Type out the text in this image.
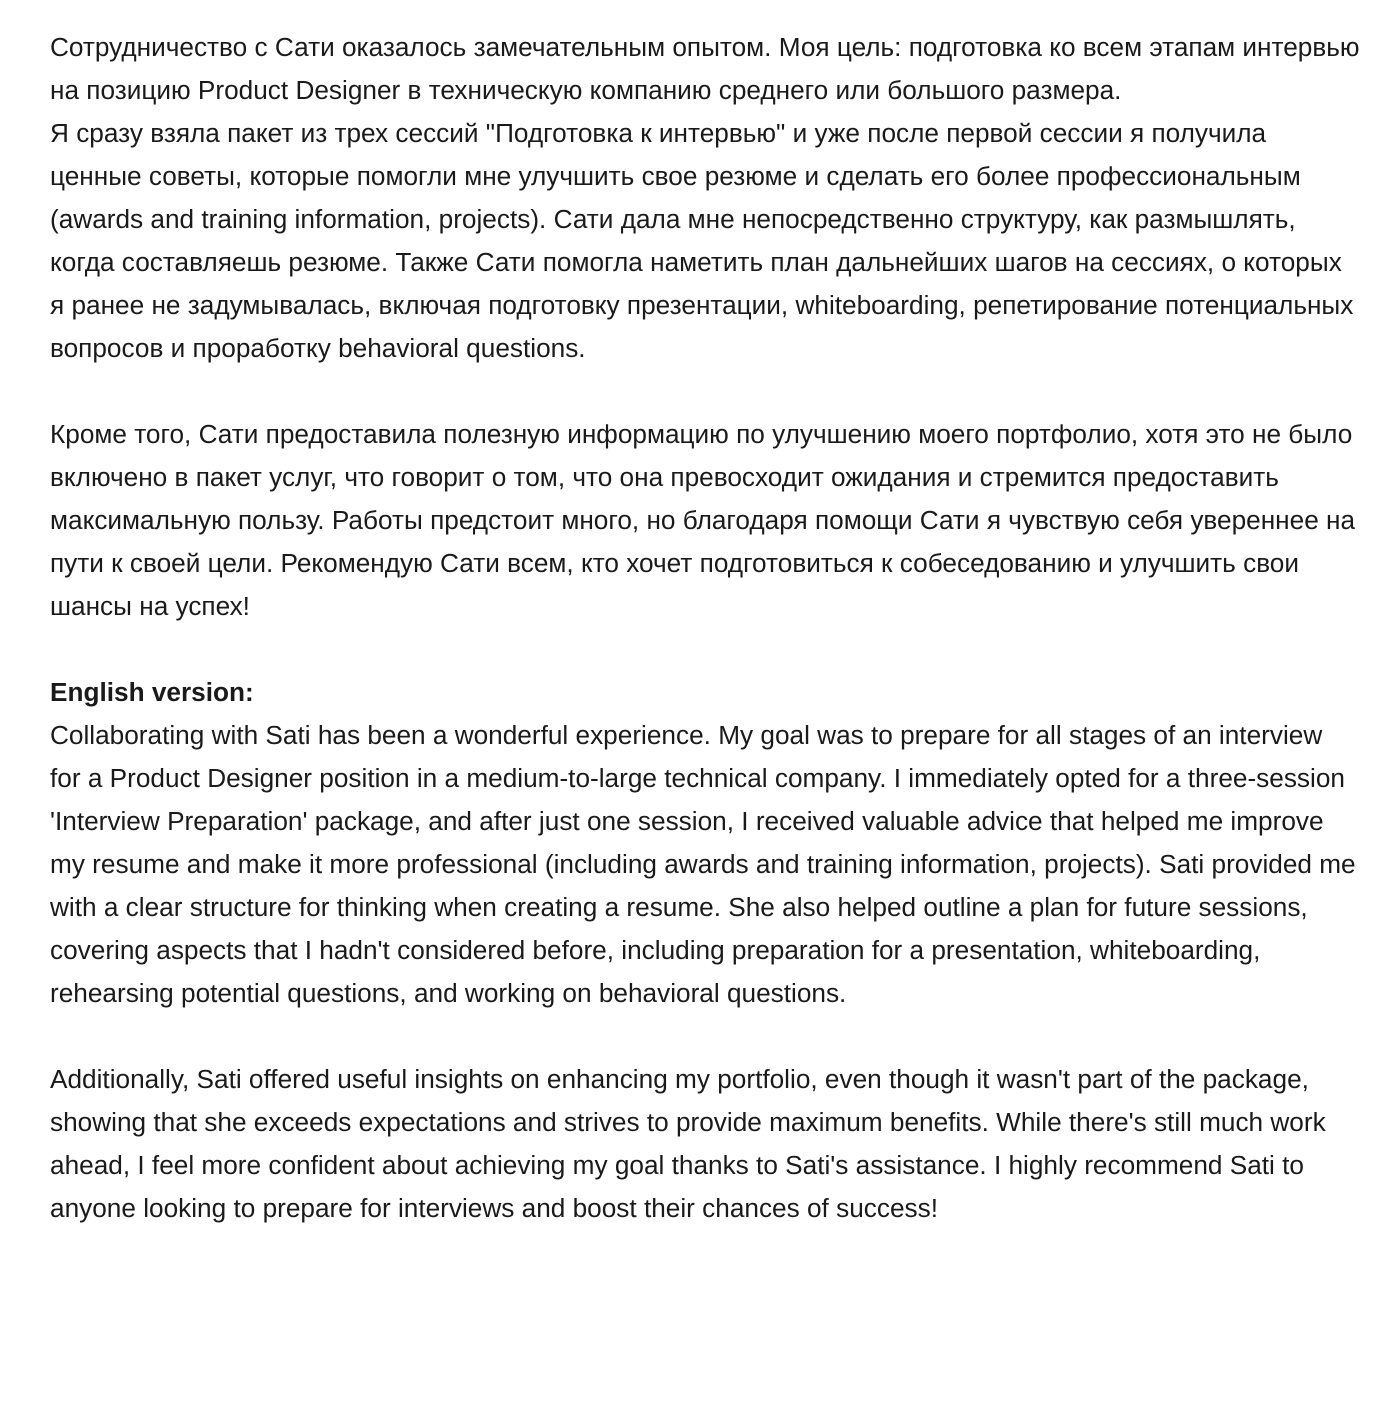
Сотрудничество с Сати оказалось замечательным опытом. Моя цель: подготовка ко всем этапам интервью на позицию Product Designer в техническую компанию среднего или большого размера.

Я сразу взяла пакет из трех сессий "Подготовка к интервью" и уже после первой сессии я получила ценные советы, которые помогли мне улучшить свое резюме и сделать его более профессиональным (awards and training information, projects). Сати дала мне непосредственно структуру, как размышлять, когда составляешь резюме. Также Сати помогла наметить план дальнейших шагов на сессиях, о которых я ранее не задумывалась, включая подготовку презентации, whiteboarding, репетирование потенциальных вопросов и проработку behavioral questions.

Кроме того, Сати предоставила полезную информацию по улучшению моего портфолио, хотя это не было включено в пакет услуг, что говорит о том, что она превосходит ожидания и стремится предоставить максимальную пользу. Работы предстоит много, но благодаря помощи Сати я чувствую себя увереннее на пути к своей цели. Рекомендую Сати всем, кто хочет подготовиться к собеседованию и улучшить свои шансы на успех!

English version:

Collaborating with Sati has been a wonderful experience. My goal was to prepare for all stages of an interview for a Product Designer position in a medium-to-large technical company. I immediately opted for a three-session 'Interview Preparation' package, and after just one session, I received valuable advice that helped me improve my resume and make it more professional (including awards and training information, projects). Sati provided me with a clear structure for thinking when creating a resume. She also helped outline a plan for future sessions, covering aspects that I hadn't considered before, including preparation for a presentation, whiteboarding, rehearsing potential questions, and working on behavioral questions.

Additionally, Sati offered useful insights on enhancing my portfolio, even though it wasn't part of the package, showing that she exceeds expectations and strives to provide maximum benefits. While there's still much work ahead, I feel more confident about achieving my goal thanks to Sati's assistance. I highly recommend Sati to anyone looking to prepare for interviews and boost their chances of success!
